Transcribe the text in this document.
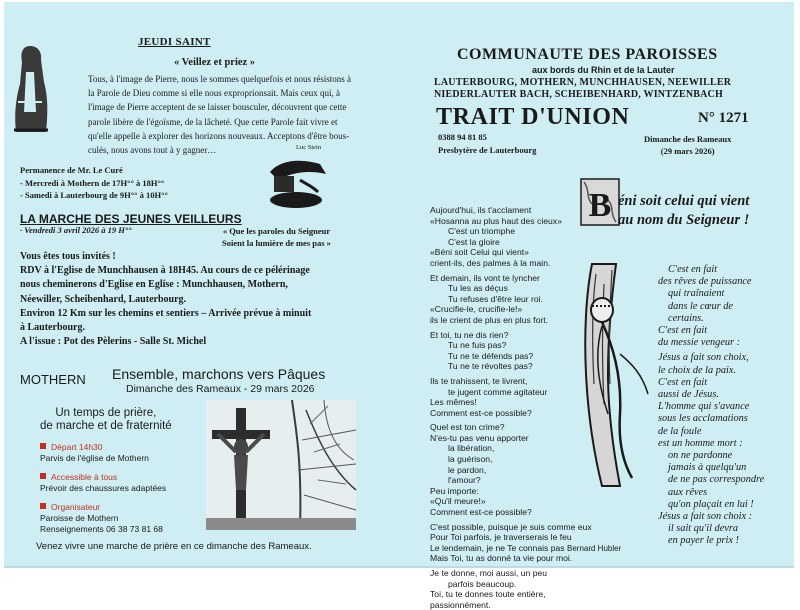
JEUDI SAINT
« Veillez et priez »
Tous, à l'image de Pierre, nous le sommes quelquefois et nous résistons à
la Parole de Dieu comme si elle nous exproprionsait. Mais ceux qui, à
l'image de Pierre acceptent de se laisser bousculer, découvrent que cette
parole libère de l'égoïsme, de la lâcheté. Que cette Parole fait vivre et
qu'elle appelle à explorer des horizons nouveaux. Acceptons d'être bous-
culés, nous avons tout à y gagner…	Luc Stein
Permanence de Mr. Le Curé
- Mercredi à Mothern de 17H°° à 18H°°
- Samedi à Lauterbourg de 9H°° à 10H°°
LA MARCHE DES JEUNES VEILLEURS
· Vendredi 3 avril 2026 à 19 H°°	« Que les paroles du Seigneur
Soient la lumière de mes pas »
Vous êtes tous invités !
RDV à l'Eglise de Munchhausen à 18H45. Au cours de ce pélérinage
nous cheminerons d'Eglise en Eglise : Munchhausen, Mothern,
Néewiller, Scheibenhard, Lauterbourg.
Environ 12 Km sur les chemins et sentiers – Arrivée prévue à minuit
à Lauterbourg.
A l'issue : Pot des Pèlerins - Salle St. Michel
MOTHERN Ensemble, marchons vers Pâques
Dimanche des Rameaux - 29 mars 2026
Un temps de prière,
de marche et de fraternité
Départ 14h30
Parvis de l'église de Mothern
Accessible à tous
Prévoir des chaussures adaptées
Organisateur
Paroisse de Mothern
Renseignements 06 38 73 81 68
Venez vivre une marche de prière en ce dimanche des Rameaux.
COMMUNAUTE DES PAROISSES
aux bords du Rhin et de la Lauter
LAUTERBOURG, MOTHERN, MUNCHHAUSEN, NEEWILLER
NIEDERLAUTER BACH, SCHEIBENHARD, WINTZENBACH
TRAIT D'UNION	N° 1271
0388 94 81 85
Presbytère de Lauterbourg
Dimanche des Rameaux
(29 mars 2026)
B éni soit celui qui vient
au nom du Seigneur !
Aujourd'hui, ils t'acclament
«Hosanna au plus haut des cieux»
C'est un triomphe
C'est la gloire
«Béni soit Celui qui vient»
crient-ils, des palmes à la main.
Et demain, ils vont te lyncher
Tu les as déçus
Tu refuses d'être leur roi.
«Crucifie-le, crucifie-le!»
ils le crient de plus en plus fort.
Et toi, tu ne dis rien?
Tu ne fuis pas?
Tu ne te défends pas?
Tu ne te révoltes pas?
Ils te trahissent, te livrent,
te jugent comme agitateur
Les mêmes!
Comment est-ce possible?
Quel est ton crime?
N'es-tu pas venu apporter
la libération,
la guérison,
le pardon,
l'amour?
Peu importe:
«Qu'il meure!»
Comment est-ce possible?
C'est possible, puisque je suis comme eux
Pour Toi parfois, je traverserais le feu
Le lendemain, je ne Te connais pas
Mais Toi, tu as donné ta vie pour moi.
Je te donne, moi aussi, un peu
parfois beaucoup.
Toi, tu te donnes toute entière,
passionnément.
Bernard Hubler
C'est en fait
des rêves de puissance
qui traînaient
dans le cœur de
certains.
C'est en fait
du messie vengeur :
Jésus a fait son choix,
le choix de la paix.
C'est en fait
aussi de Jésus.
L'homme qui s'avance
sous les acclamations
de la foule
est un homme mort :
on ne pardonne
jamais à quelqu'un
de ne pas correspondre
aux rêves
qu'on plaçait en lui !
Jésus a fait son choix :
il sait qu'il devra
en payer le prix !
